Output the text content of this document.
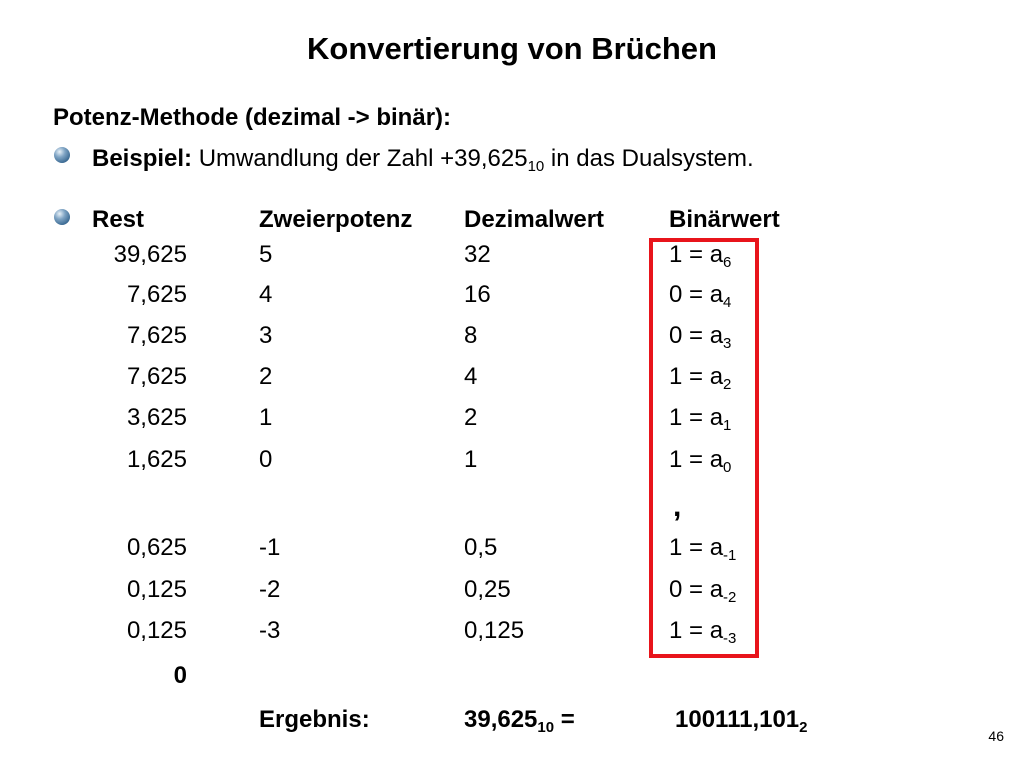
Konvertierung von Brüchen
Potenz-Methode (dezimal -> binär):
Beispiel: Umwandlung der Zahl $+39,625_{10}$ in das Dualsystem.
Rest	Zweierpotenz Dezimalwert	Binärwert
39,625	5	32	$1 = a_6$
7,625	4	16	$0 = a_4$
7,625	3	8	$0 = a_3$
7,625	2	4	$1 = a_2$
3,625	1	2	$1 = a_1$
1,625	0	1	$1 = a_0$
0,625	-1	0,5	$1 = a_{-1}$
0,125	-2	0,25	$0 = a_{-2}$
0,125	-3	0,125	$1 = a_{-3}$
,
0
Ergebnis:	$39,625_{10}$ =	$100111,101_2$	46
